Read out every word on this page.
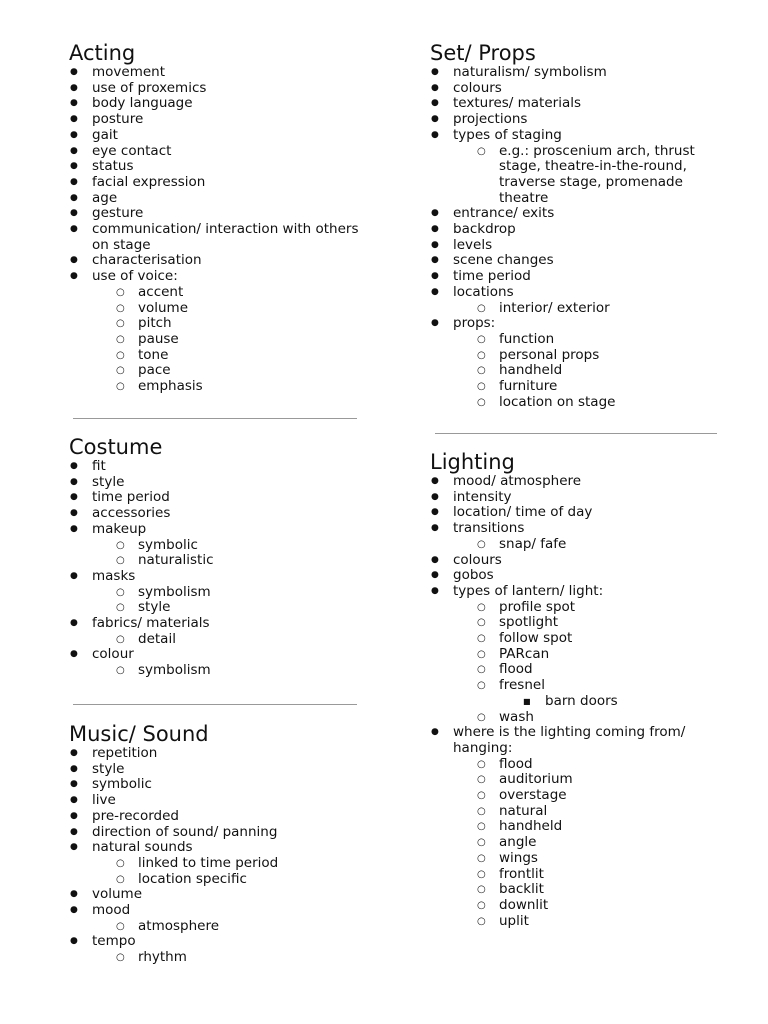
Acting
● movement
● use of proxemics
● body language
● posture
● gait
● eye contact
● status
● facial expression
● age
● gesture
● communication/ interaction with others on stage
● characterisation
● use of voice:
○ accent
○ volume
○ pitch
○ pause
○ tone
○ pace
○ emphasis
Costume
● fit
● style
● time period
● accessories
● makeup
○ symbolic
○ naturalistic
● masks
○ symbolism
○ style
● fabrics/ materials
○ detail
● colour
○ symbolism
Music/ Sound
● repetition
● style
● symbolic
● live
● pre-recorded
● direction of sound/ panning
● natural sounds
○ linked to time period
○ location specific
● volume
● mood
○ atmosphere
● tempo
○ rhythm
Set/ Props
● naturalism/ symbolism
● colours
● textures/ materials
● projections
● types of staging
○ e.g.: proscenium arch, thrust stage, theatre-in-the-round, traverse stage, promenade theatre
● entrance/ exits
● backdrop
● levels
● scene changes
● time period
● locations
○ interior/ exterior
● props:
○ function
○ personal props
○ handheld
○ furniture
○ location on stage
Lighting
● mood/ atmosphere
● intensity
● location/ time of day
● transitions
○ snap/ fafe
● colours
● gobos
● types of lantern/ light:
○ profile spot
○ spotlight
○ follow spot
○ PARcan
○ flood
○ fresnel
■ barn doors
○ wash
● where is the lighting coming from/ hanging:
○ flood
○ auditorium
○ overstage
○ natural
○ handheld
○ angle
○ wings
○ frontlit
○ backlit
○ downlit
○ uplit
